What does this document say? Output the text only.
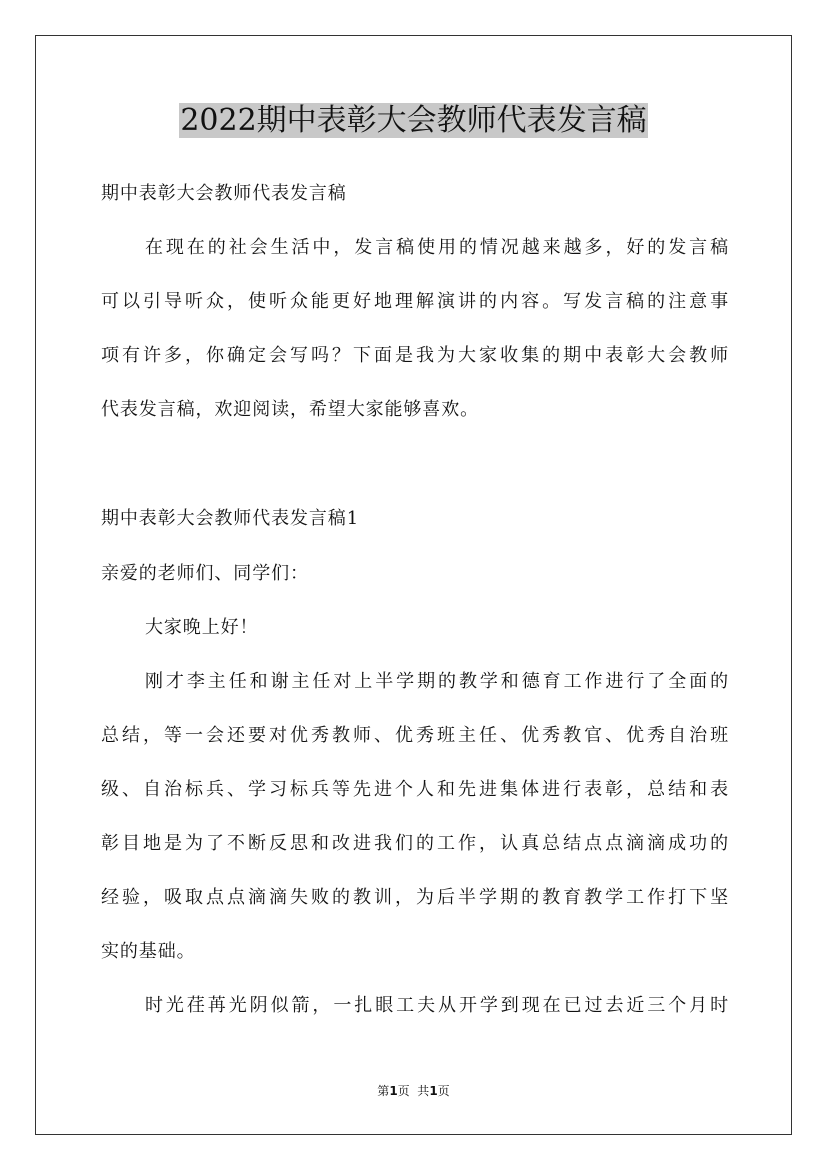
2022期中表彰大会教师代表发言稿
期中表彰大会教师代表发言稿
在现在的社会生活中，发言稿使用的情况越来越多，好的发言稿
可以引导听众，使听众能更好地理解演讲的内容。写发言稿的注意事
项有许多，你确定会写吗？下面是我为大家收集的期中表彰大会教师
代表发言稿，欢迎阅读，希望大家能够喜欢。
期中表彰大会教师代表发言稿1
亲爱的老师们、同学们：
大家晚上好！
刚才李主任和谢主任对上半学期的教学和德育工作进行了全面的
总结，等一会还要对优秀教师、优秀班主任、优秀教官、优秀自治班
级、自治标兵、学习标兵等先进个人和先进集体进行表彰，总结和表
彰目地是为了不断反思和改进我们的工作，认真总结点点滴滴成功的
经验，吸取点点滴滴失败的教训，为后半学期的教育教学工作打下坚
实的基础。
时光荏苒光阴似箭，一扎眼工夫从开学到现在已过去近三个月时
第1页  共1页
